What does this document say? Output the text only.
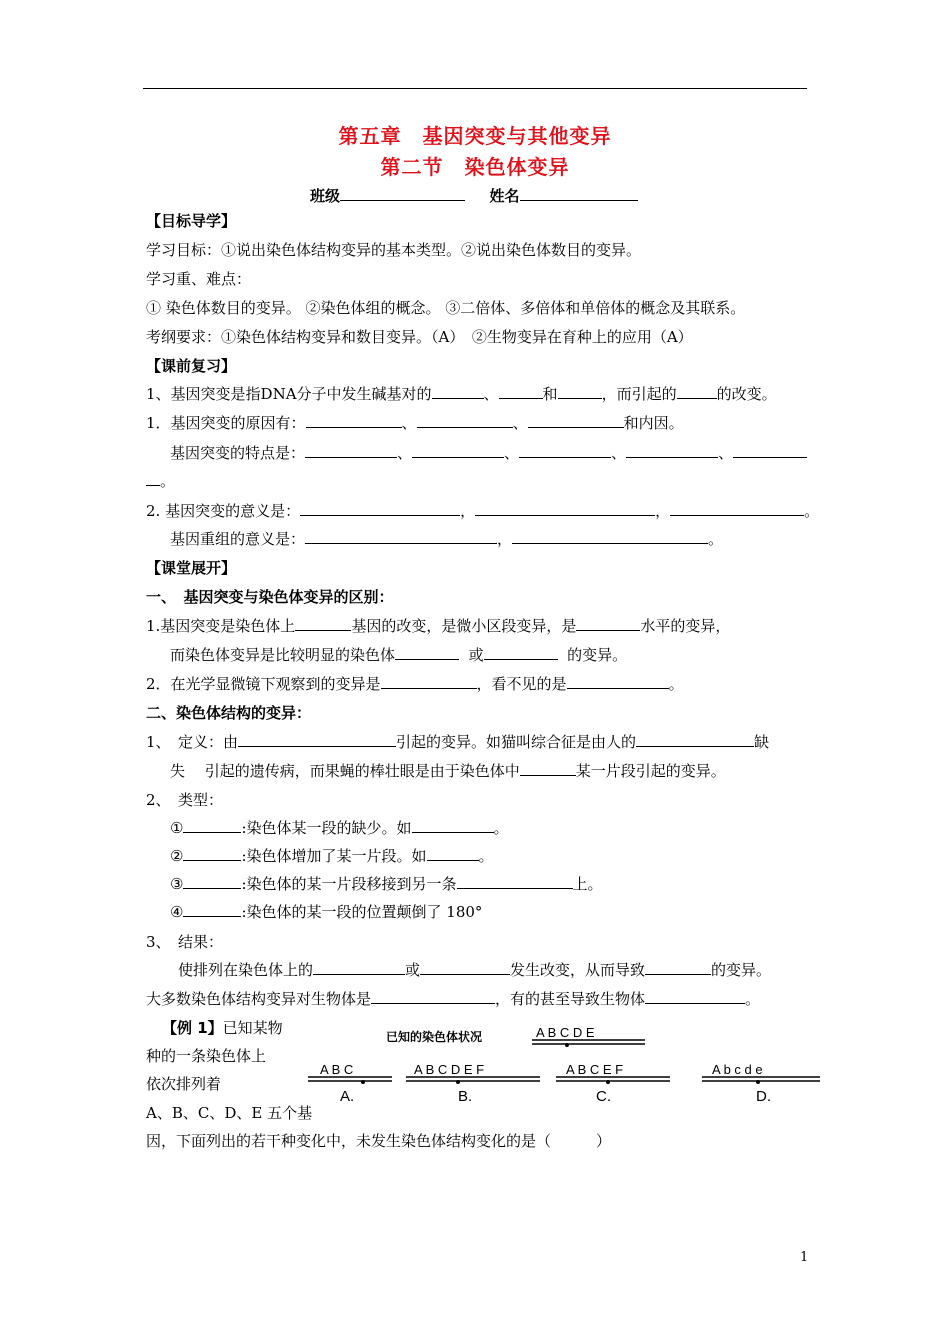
第五章　基因突变与其他变异
第二节　染色体变异
班级	姓名
【目标导学】
学习目标：①说出染色体结构变异的基本类型。②说出染色体数目的变异。
学习重、难点：
① 染色体数目的变异。 ②染色体组的概念。 ③二倍体、多倍体和单倍体的概念及其联系。
考纲要求：①染色体结构变异和数目变异。（A）　②生物变异在育种上的应用（A）
【课前复习】
1、基因突变是指DNA分子中发生碱基对的	、	和	，而引起的	的改变。
1．基因突变的原因有：	、	、	和内因。
基因突变的特点是：	、	、	、	、
。
2. 基因突变的意义是：	，	，	。
基因重组的意义是：	，	。
【课堂展开】
一、　基因突变与染色体变异的区别：
1.基因突变是染色体上	基因的改变，是微小区段变异，是	水平的变异，
而染色体变异是比较明显的染色体	或	的变异。
2．在光学显微镜下观察到的变异是	，看不见的是	。
二、染色体结构的变异：
1、　定义：由	引起的变异。如猫叫综合征是由人的	缺
失　 引起的遗传病，而果蝇的棒壮眼是由于染色体中	某一片段引起的变异。
2、　类型：
①	:染色体某一段的缺少。如	。
②	:染色体增加了某一片段。如	。
③	:染色体的某一片段移接到另一条	上。
④	:染色体的某一段的位置颠倒了 180°
3、　结果：
使排列在染色体上的	或	发生改变，从而导致	的变异。
大多数染色体结构变异对生物体是	，有的甚至导致生物体	。
【例 1】已知某物
种的一条染色体上
依次排列着
A、B、C、D、E 五个基
因，下面列出的若干种变化中，未发生染色体结构变化的是（　　　）
已知的染色体状况	A B C D E
A B C
A.
A B C D E F
B.
A B C E F
C.
A b c d e
D.
1
